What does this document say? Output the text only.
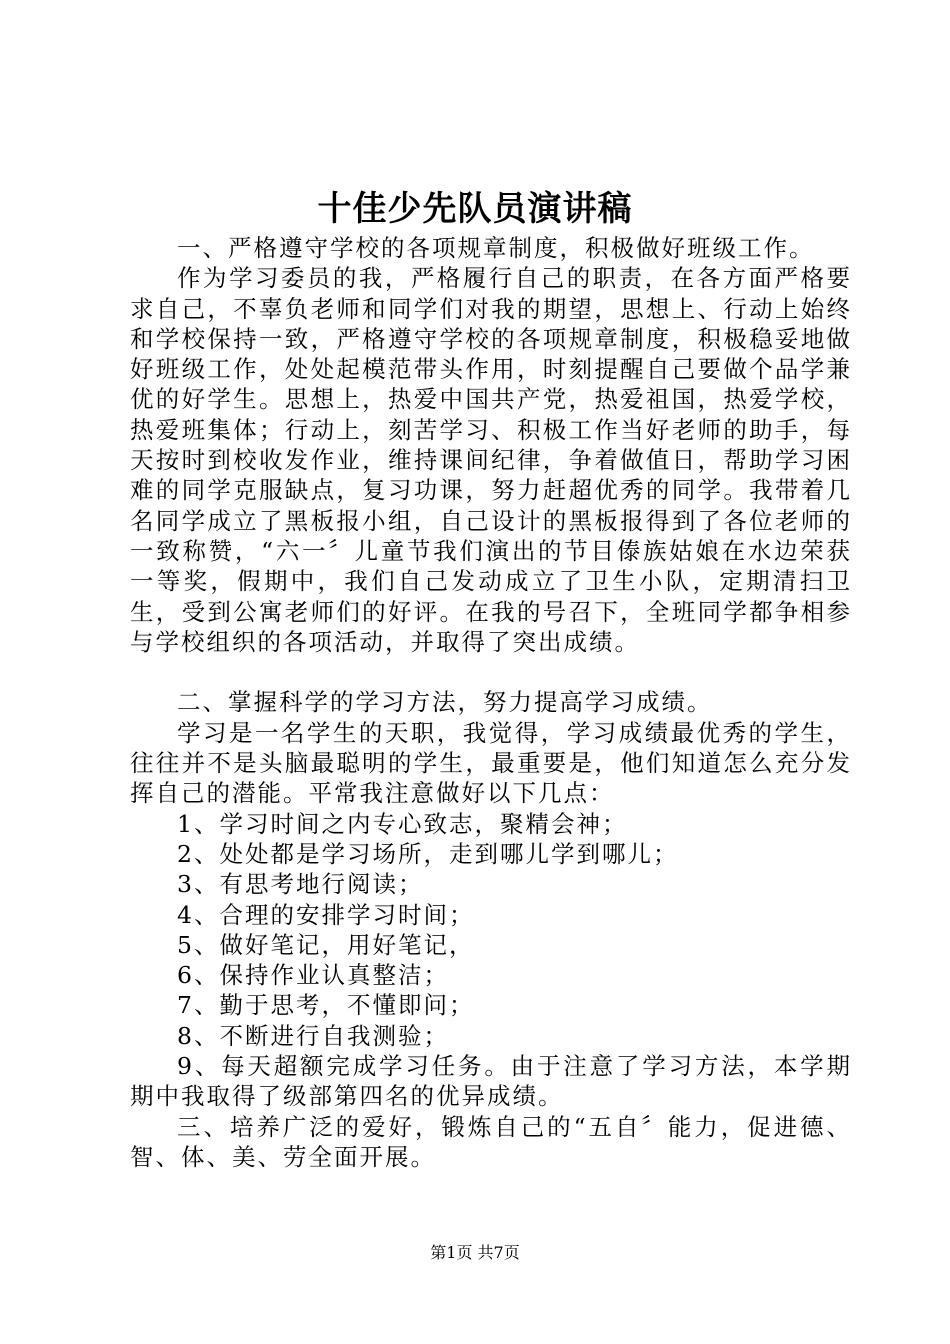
十佳少先队员演讲稿

一、严格遵守学校的各项规章制度，积极做好班级工作。

作为学习委员的我，严格履行自己的职责，在各方面严格要求自己，不辜负老师和同学们对我的期望，思想上、行动上始终和学校保持一致，严格遵守学校的各项规章制度，积极稳妥地做好班级工作，处处起模范带头作用，时刻提醒自己要做个品学兼优的好学生。思想上，热爱中国共产党，热爱祖国，热爱学校，热爱班集体；行动上，刻苦学习、积极工作当好老师的助手，每天按时到校收发作业，维持课间纪律，争着做值日，帮助学习困难的同学克服缺点，复习功课，努力赶超优秀的同学。我带着几名同学成立了黑板报小组，自己设计的黑板报得到了各位老师的一致称赞，“六一〞儿童节我们演出的节目傣族姑娘在水边荣获一等奖，假期中，我们自己发动成立了卫生小队，定期清扫卫生，受到公寓老师们的好评。在我的号召下，全班同学都争相参与学校组织的各项活动，并取得了突出成绩。

二、掌握科学的学习方法，努力提高学习成绩。

学习是一名学生的天职，我觉得，学习成绩最优秀的学生，往往并不是头脑最聪明的学生，最重要是，他们知道怎么充分发挥自己的潜能。平常我注意做好以下几点：

1、学习时间之内专心致志，聚精会神；

2、处处都是学习场所，走到哪儿学到哪儿；

3、有思考地行阅读；

4、合理的安排学习时间；

5、做好笔记，用好笔记，

6、保持作业认真整洁；

7、勤于思考，不懂即问；

8、不断进行自我测验；

9、每天超额完成学习任务。由于注意了学习方法，本学期期中我取得了级部第四名的优异成绩。

三、培养广泛的爱好，锻炼自己的“五自〞能力，促进德、智、体、美、劳全面开展。

第1页 共7页
